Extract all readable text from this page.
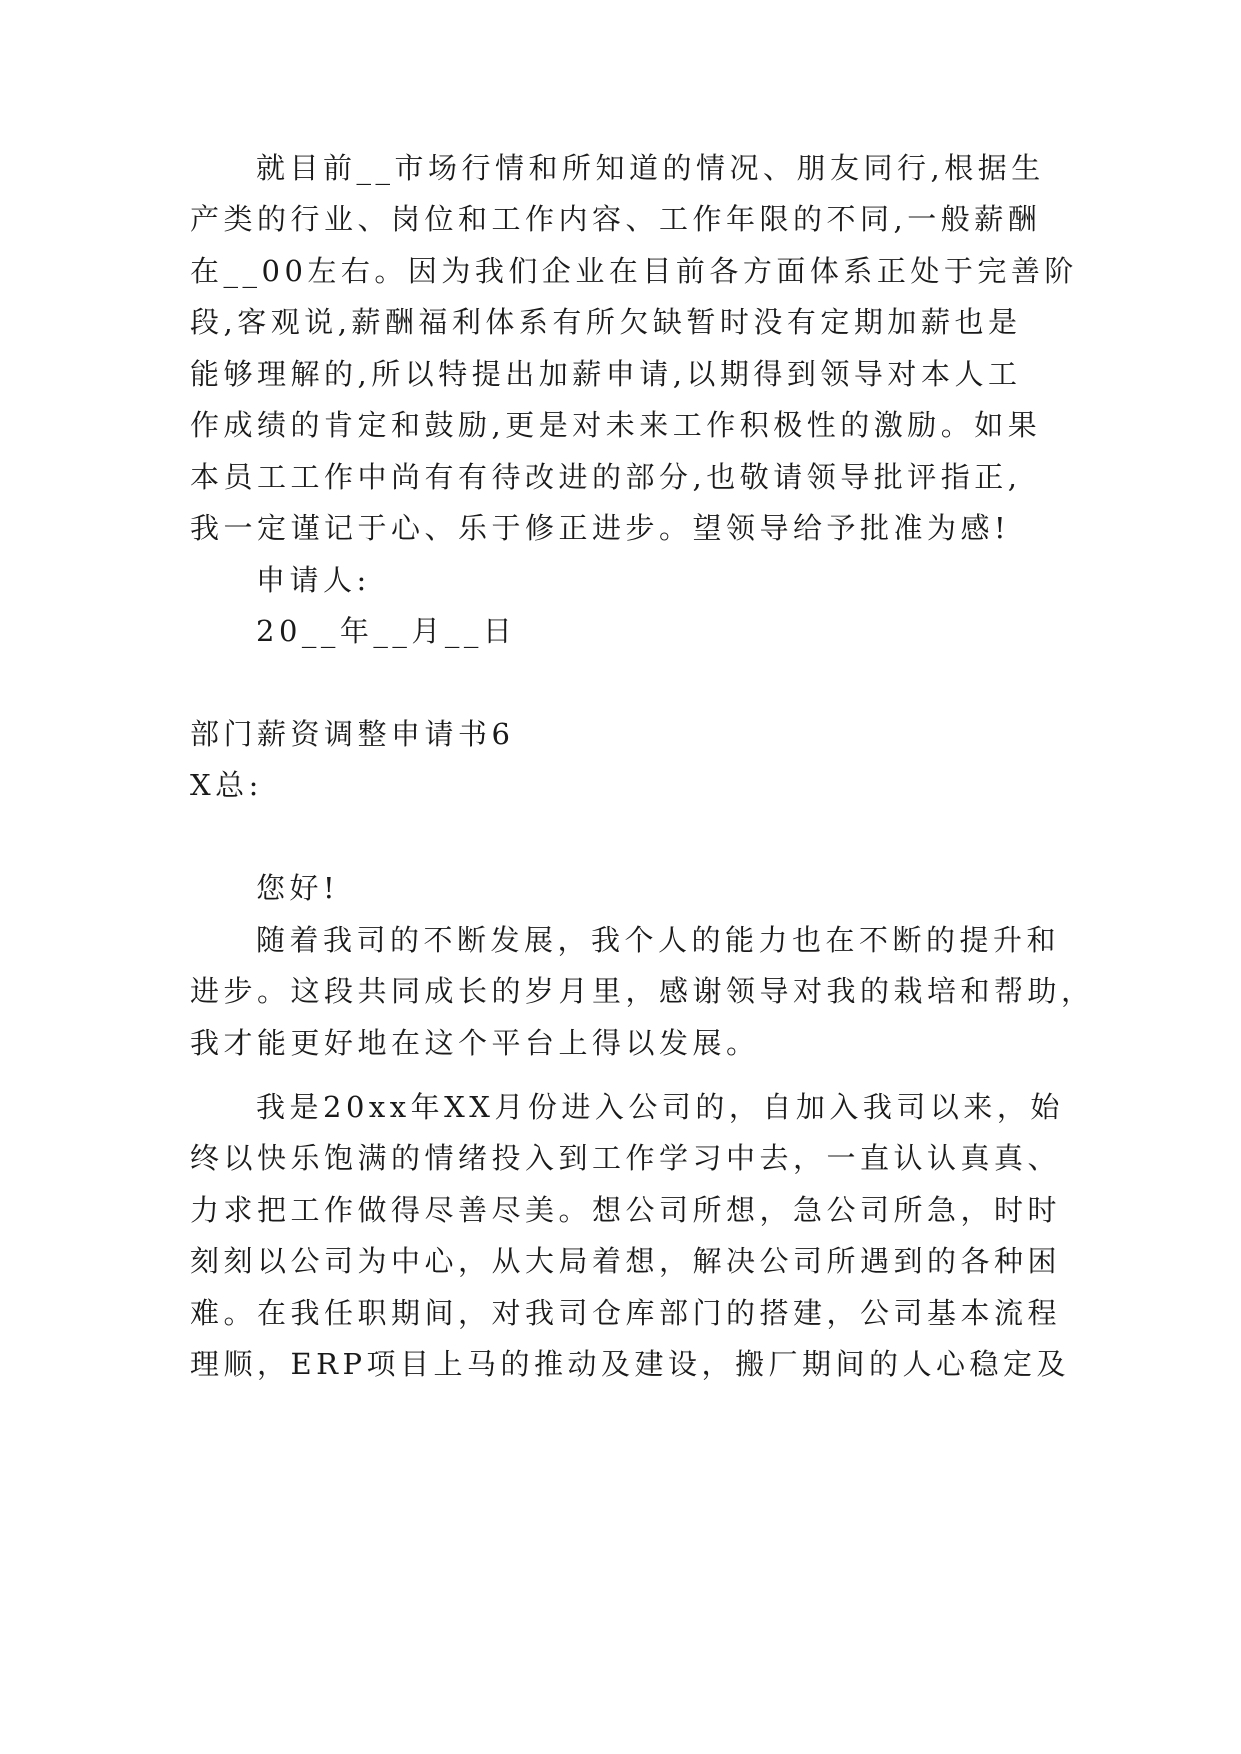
就目前__市场行情和所知道的情况、朋友同行,根据生
产类的行业、岗位和工作内容、工作年限的不同,一般薪酬
在__00左右。因为我们企业在目前各方面体系正处于完善阶
段,客观说,薪酬福利体系有所欠缺暂时没有定期加薪也是
能够理解的,所以特提出加薪申请,以期得到领导对本人工
作成绩的肯定和鼓励,更是对未来工作积极性的激励。如果
本员工工作中尚有有待改进的部分,也敬请领导批评指正,
我一定谨记于心、乐于修正进步。望领导给予批准为感!
申请人:
20__年__月__日
部门薪资调整申请书6
X总:
您好!
随着我司的不断发展，我个人的能力也在不断的提升和
进步。这段共同成长的岁月里，感谢领导对我的栽培和帮助，
我才能更好地在这个平台上得以发展。
我是20xx年XX月份进入公司的，自加入我司以来，始
终以快乐饱满的情绪投入到工作学习中去，一直认认真真、
力求把工作做得尽善尽美。想公司所想，急公司所急，时时
刻刻以公司为中心，从大局着想，解决公司所遇到的各种困
难。在我任职期间，对我司仓库部门的搭建，公司基本流程
理顺，ERP项目上马的推动及建设，搬厂期间的人心稳定及
